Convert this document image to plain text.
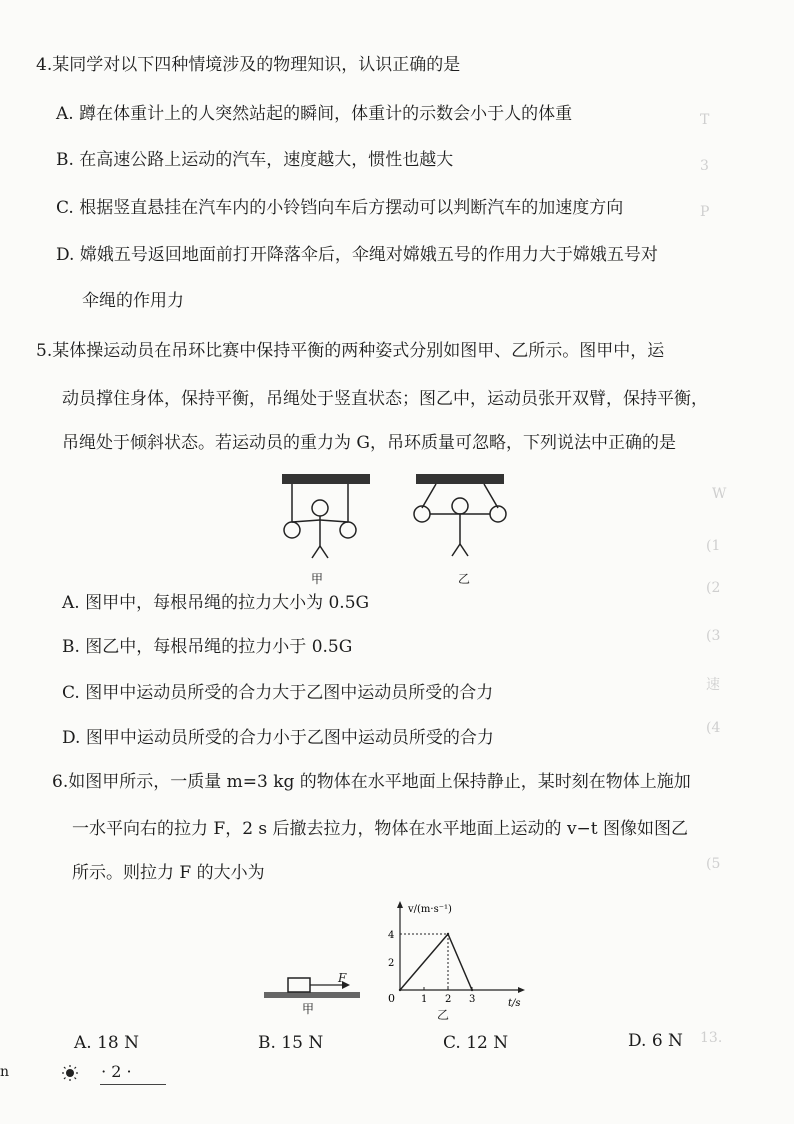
T
W
(1
(2
(3
速
(4
(5
13.
3
P
4.某同学对以下四种情境涉及的物理知识，认识正确的是
A. 蹲在体重计上的人突然站起的瞬间，体重计的示数会小于人的体重
B. 在高速公路上运动的汽车，速度越大，惯性也越大
C. 根据竖直悬挂在汽车内的小铃铛向车后方摆动可以判断汽车的加速度方向
D. 嫦娥五号返回地面前打开降落伞后，伞绳对嫦娥五号的作用力大于嫦娥五号对
伞绳的作用力
5.某体操运动员在吊环比赛中保持平衡的两种姿式分别如图甲、乙所示。图甲中，运
动员撑住身体，保持平衡，吊绳处于竖直状态；图乙中，运动员张开双臂，保持平衡，
吊绳处于倾斜状态。若运动员的重力为 G，吊环质量可忽略，下列说法中正确的是
甲	乙
A. 图甲中，每根吊绳的拉力大小为 0.5G
B. 图乙中，每根吊绳的拉力小于 0.5G
C. 图甲中运动员所受的合力大于乙图中运动员所受的合力
D. 图甲中运动员所受的合力小于乙图中运动员所受的合力
6.如图甲所示，一质量 m=3 kg 的物体在水平地面上保持静止，某时刻在物体上施加
一水平向右的拉力 F，2 s 后撤去拉力，物体在水平地面上运动的 v−t 图像如图乙
所示。则拉力 F 的大小为
F
甲
0
v/(m·s⁻¹)
t/s
1 2 3
2
4
乙
A. 18 N	B. 15 N	C. 12 N	D. 6 N
· 2 ·
n
